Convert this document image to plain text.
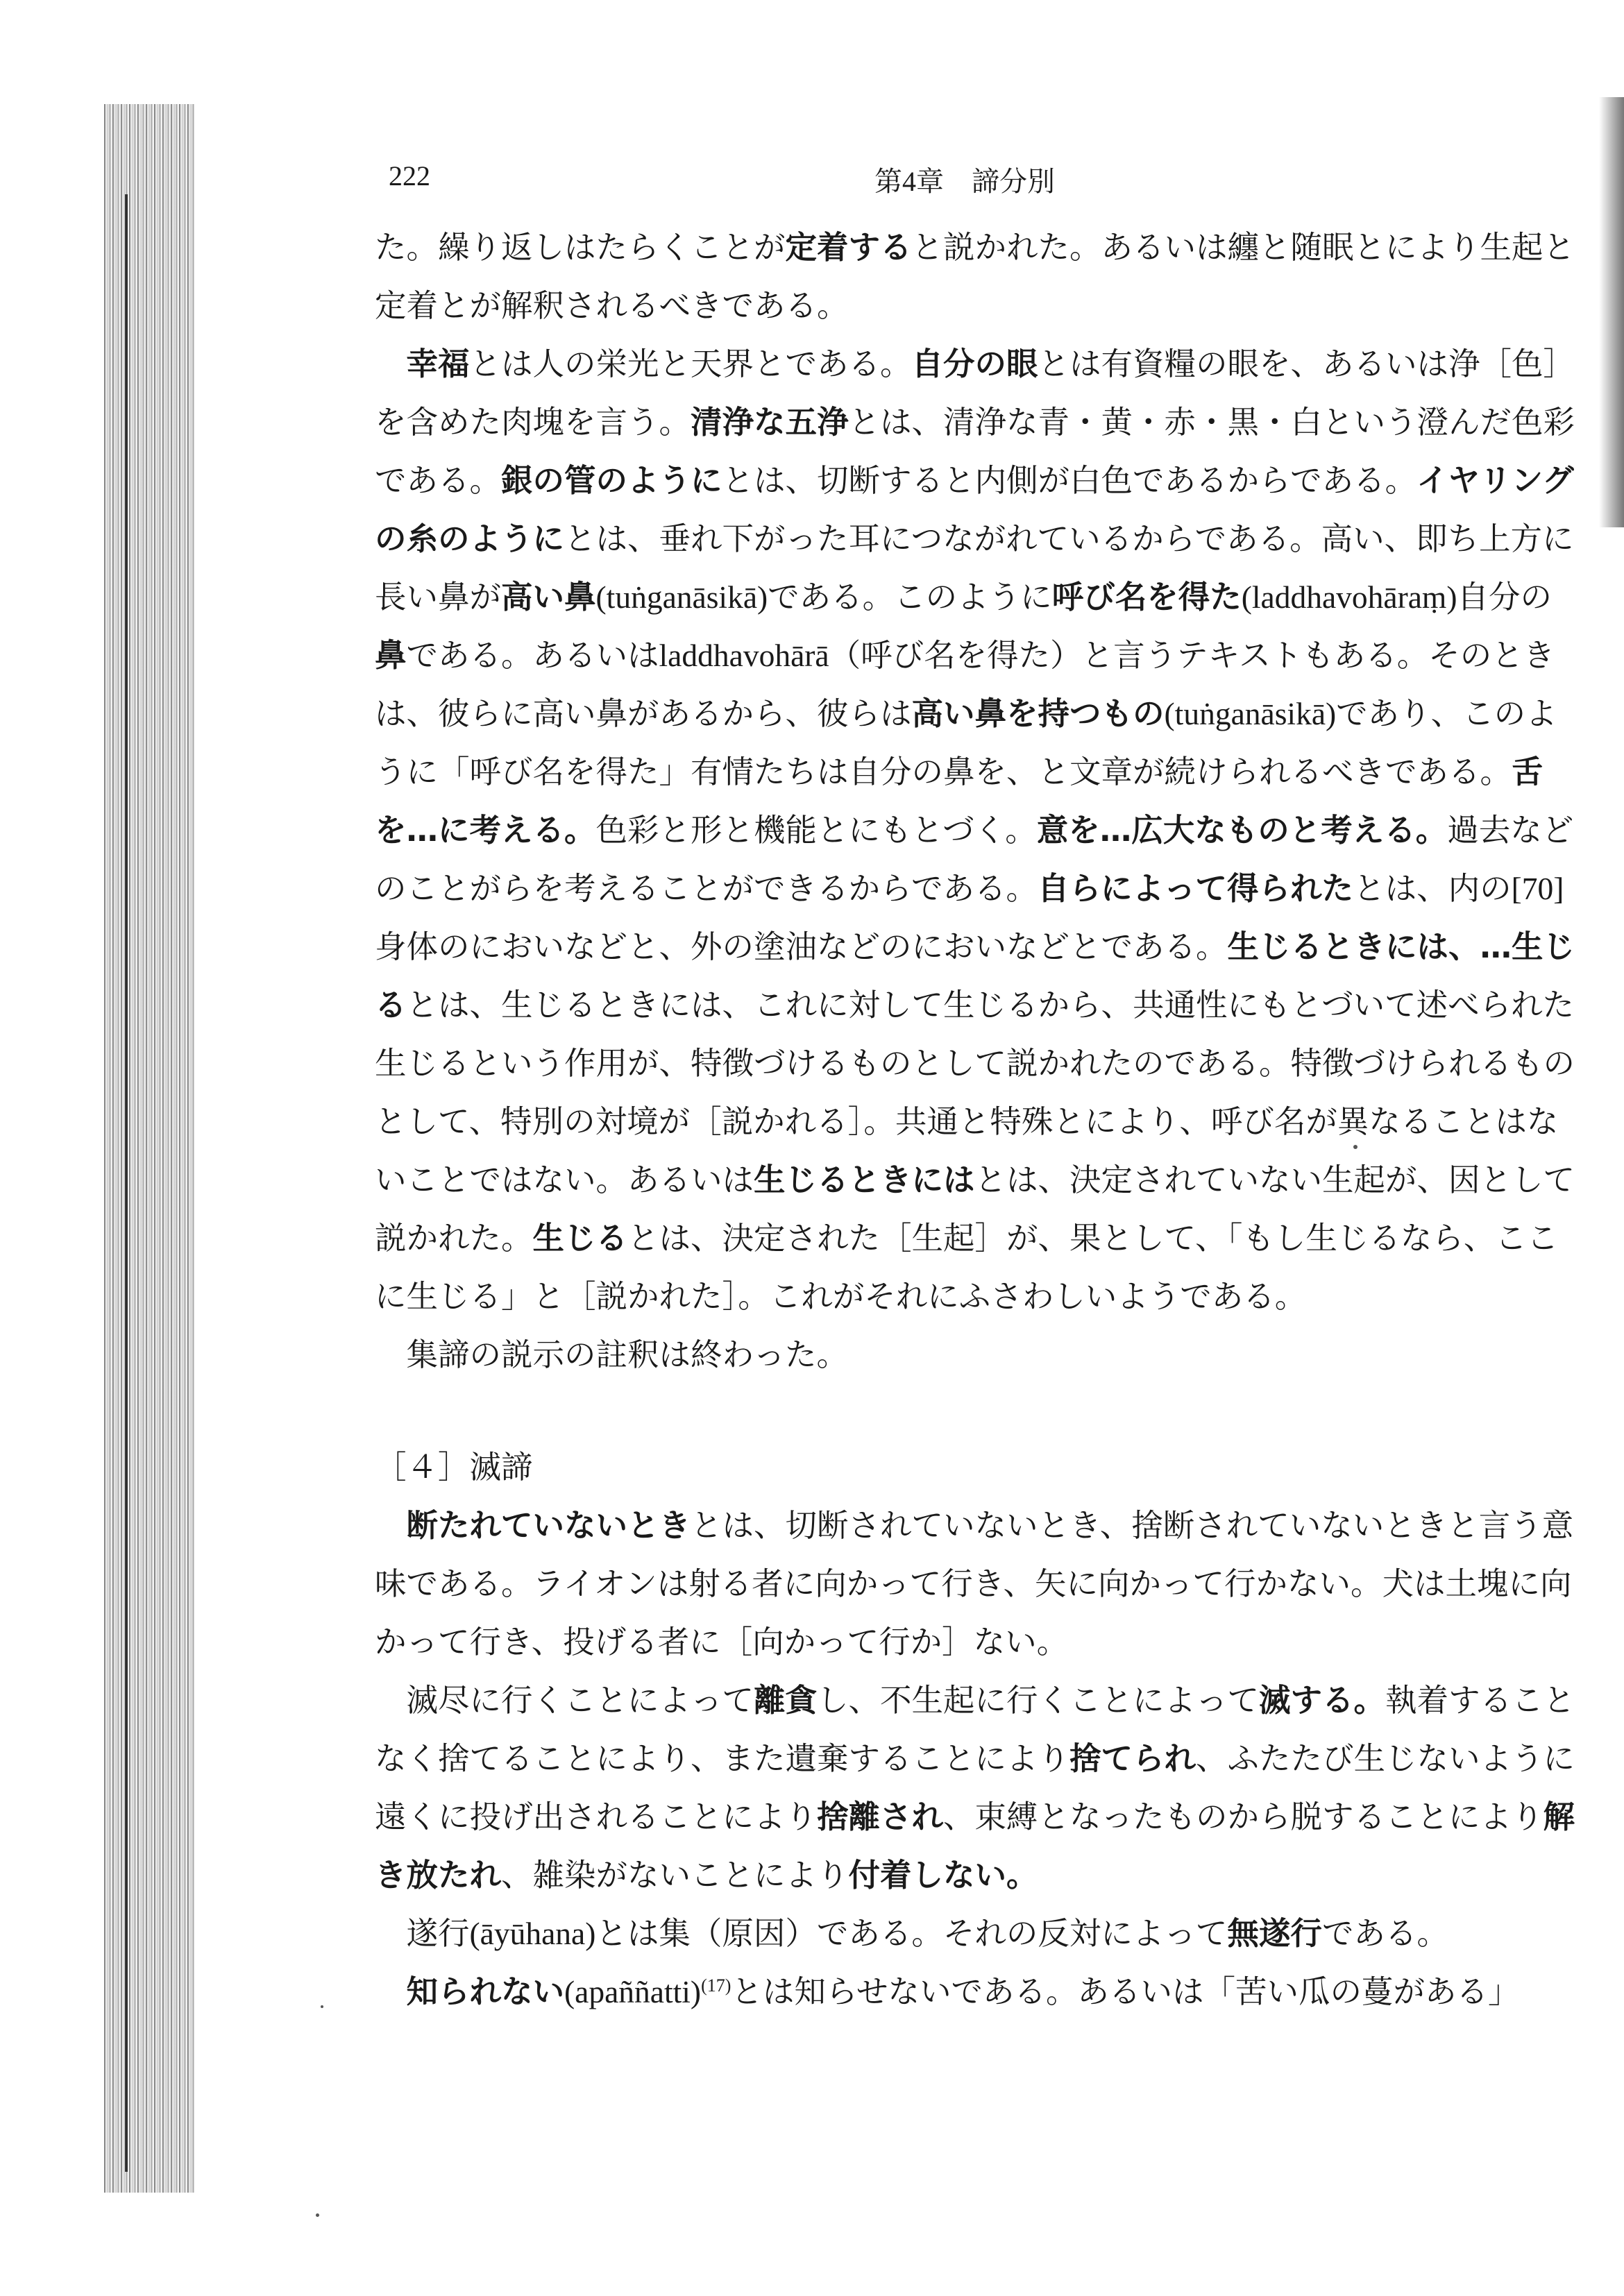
222	第4章　諦分別

た。繰り返しはたらくことが定着すると説かれた。あるいは纏と随眠とにより生起と定着とが解釈されるべきである。

幸福とは人の栄光と天界とである。自分の眼とは有資糧の眼を、あるいは浄［色］を含めた肉塊を言う。清浄な五浄とは、清浄な青・黄・赤・黒・白という澄んだ色彩である。銀の管のようにとは、切断すると内側が白色であるからである。イヤリングの糸のようにとは、垂れ下がった耳につながれているからである。高い、即ち上方に長い鼻が高い鼻(tuṅganāsikā)である。このように呼び名を得た(laddhavohāraṃ)自分の鼻である。あるいはladdhavohārā（呼び名を得た）と言うテキストもある。そのときは、彼らに高い鼻があるから、彼らは高い鼻を持つもの(tuṅganāsikā)であり、このように「呼び名を得た」有情たちは自分の鼻を、と文章が続けられるべきである。舌を…に考える。色彩と形と機能とにもとづく。意を…広大なものと考える。過去などのことがらを考えることができるからである。自らによって得られたとは、内の[70]身体のにおいなどと、外の塗油などのにおいなどとである。生じるときには、…生じるとは、生じるときには、これに対して生じるから、共通性にもとづいて述べられた生じるという作用が、特徴づけるものとして説かれたのである。特徴づけられるものとして、特別の対境が［説かれる］。共通と特殊とにより、呼び名が異なることはないことではない。あるいは生じるときにはとは、決定されていない生起が、因として説かれた。生じるとは、決定された［生起］が、果として、「もし生じるなら、ここに生じる」と［説かれた］。これがそれにふさわしいようである。

集諦の説示の註釈は終わった。

［４］滅諦

断たれていないときとは、切断されていないとき、捨断されていないときと言う意味である。ライオンは射る者に向かって行き、矢に向かって行かない。犬は土塊に向かって行き、投げる者に［向かって行か］ない。

滅尽に行くことによって離貪し、不生起に行くことによって滅する。執着することなく捨てることにより、また遺棄することにより捨てられ、ふたたび生じないように遠くに投げ出されることにより捨離され、束縛となったものから脱することにより解き放たれ、雑染がないことにより付着しない。

遂行(āyūhana)とは集（原因）である。それの反対によって無遂行である。

知られない(apaññatti)$^{(17)}$とは知らせないである。あるいは「苦い瓜の蔓がある」
